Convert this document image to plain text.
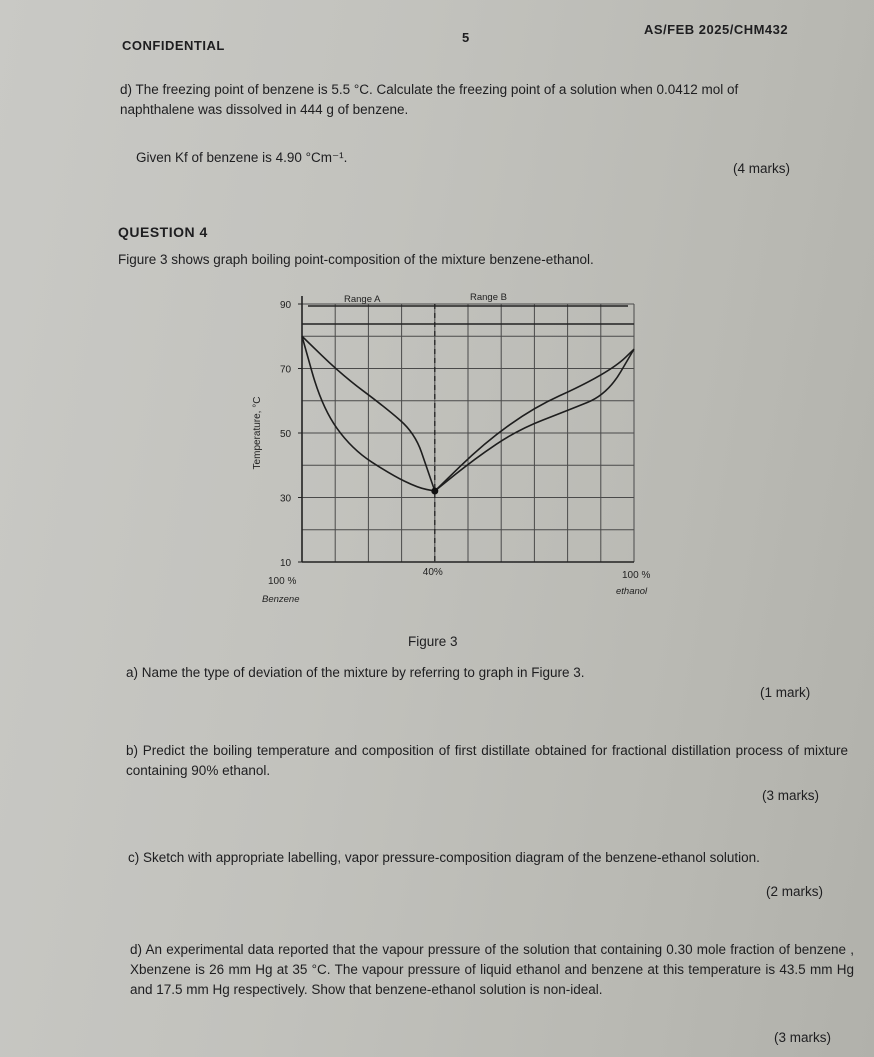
CONFIDENTIAL
5
AS/FEB 2025/CHM432
d) The freezing point of benzene is 5.5 °C. Calculate the freezing point of a solution when 0.0412 mol of naphthalene was dissolved in 444 g of benzene.
Given Kf of benzene is 4.90 °Cm⁻¹.
(4 marks)
QUESTION 4
Figure 3 shows graph boiling point-composition of the mixture benzene-ethanol.
90
70
50
30
10
Temperature, °C
100 %
Benzene
40%	100 %
ethanol
Range A	Range B
Figure 3
a) Name the type of deviation of the mixture by referring to graph in Figure 3.
(1 mark)
b) Predict the boiling temperature and composition of first distillate obtained for fractional distillation process of mixture containing 90% ethanol.
(3 marks)
c) Sketch with appropriate labelling, vapor pressure-composition diagram of the benzene-ethanol solution.
(2 marks)
d) An experimental data reported that the vapour pressure of the solution that containing 0.30 mole fraction of benzene , Xbenzene is 26 mm Hg at 35 °C. The vapour pressure of liquid ethanol and benzene at this temperature is 43.5 mm Hg and 17.5 mm Hg respectively. Show that benzene-ethanol solution is non-ideal.
(3 marks)
